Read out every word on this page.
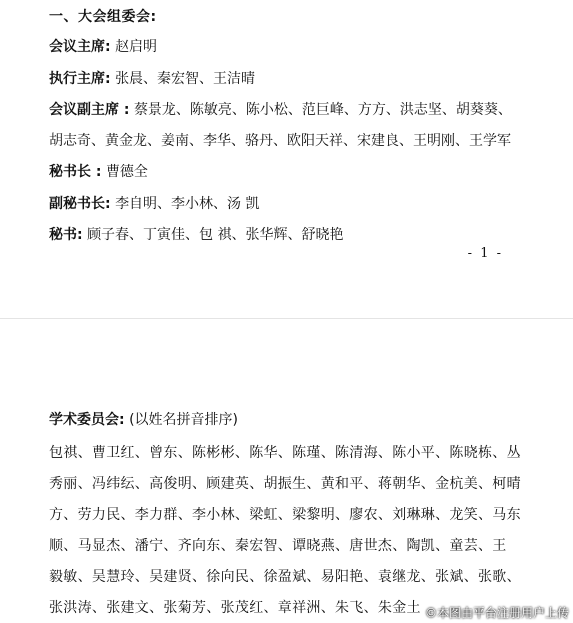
一、大会组委会:
会议主席: 赵启明
执行主席: 张晨、秦宏智、王洁晴
会议副主席 : 蔡景龙、陈敏亮、陈小松、范巨峰、方方、洪志坚、胡葵葵、
胡志奇、黄金龙、姜南、李华、骆丹、欧阳天祥、宋建良、王明刚、王学军
秘书长 : 曹德全
副秘书长: 李自明、李小林、汤 凯
秘书: 顾子春、丁寅佳、包 祺、张华辉、舒晓艳
- 1 -
学术委员会: (以姓名拼音排序)
包祺、曹卫红、曾东、陈彬彬、陈华、陈瑾、陈清海、陈小平、陈晓栋、丛
秀丽、冯纬纭、高俊明、顾建英、胡振生、黄和平、蒋朝华、金杭美、柯晴
方、劳力民、李力群、李小林、梁虹、梁黎明、廖农、刘琳琳、龙笑、马东
顺、马显杰、潘宁、齐向东、秦宏智、谭晓燕、唐世杰、陶凯、童芸、王
毅敏、吴慧玲、吴建贤、徐向民、徐盈斌、易阳艳、袁继龙、张斌、张歌、
张洪涛、张建文、张菊芳、张茂红、章祥洲、朱飞、朱金土 ©本图由平台注册用户上传
